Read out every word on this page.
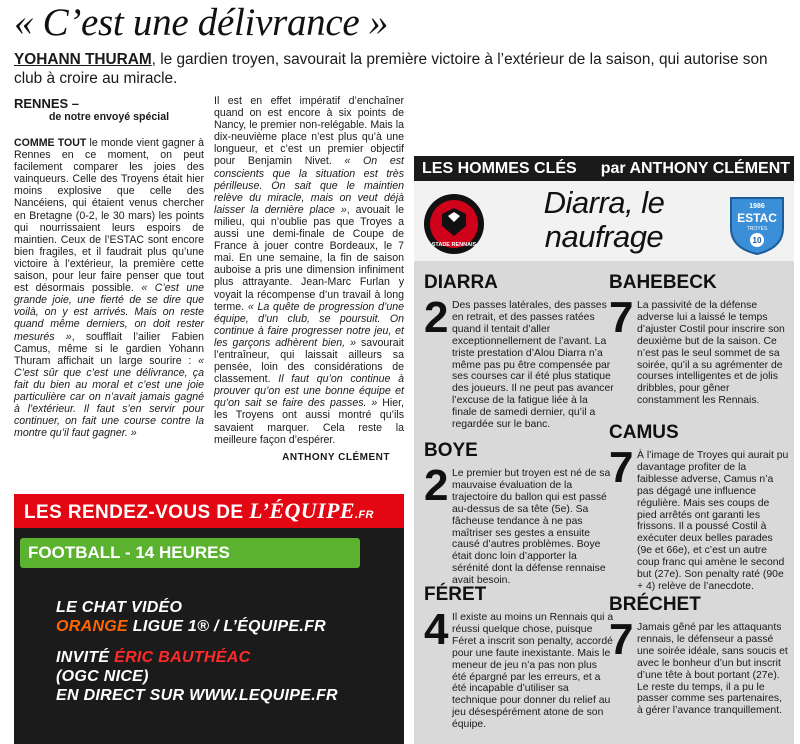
« C’est une délivrance »
YOHANN THURAM, le gardien troyen, savourait la première victoire à l’extérieur de la saison, qui autorise son club à croire au miracle.
RENNES –
de notre envoyé spécial

COMME TOUT le monde vient gagner à Rennes en ce moment, on peut facilement comparer les joies des vainqueurs. Celle des Troyens était hier moins explosive que celle des Nancéiens, qui étaient venus chercher en Bretagne (0-2, le 30 mars) les points qui nourrissaient leurs espoirs de maintien. Ceux de l’ESTAC sont encore bien fragiles, et il faudrait plus qu’une victoire à l’extérieur, la première cette saison, pour leur faire penser que tout est désormais possible. « C’est une grande joie, une fierté de se dire que voilà, on y est arrivés. Mais on reste quand même derniers, on doit rester mesurés », soufflait l’ailier Fabien Camus, même si le gardien Yohann Thuram affichait un large sourire : « C’est sûr que c’est une délivrance, ça fait du bien au moral et c’est une joie particulière car on n’avait jamais gagné à l’extérieur. Il faut s’en servir pour continuer, on fait une course contre la montre qu’il faut gagner. »

Il est en effet impératif d’enchaîner quand on est encore à six points de Nancy, le premier non-relégable. Mais la dix-neuvième place n’est plus qu’à une longueur, et c’est un premier objectif pour Benjamin Nivet. « On est conscients que la situation est très périlleuse. On sait que le maintien relève du miracle, mais on veut déjà laisser la dernière place », avouait le milieu, qui n’oublie pas que Troyes a aussi une demi-finale de Coupe de France à jouer contre Bordeaux, le 7 mai. En une semaine, la fin de saison auboise a pris une dimension infiniment plus attrayante. Jean-Marc Furlan y voyait la récompense d’un travail à long terme. « La quête de progression d’une équipe, d’un club, se poursuit. On continue à faire progresser notre jeu, et les garçons adhèrent bien, » savourait l’entraîneur, qui laissait ailleurs sa pensée, loin des considérations de classement. Il faut qu’on continue à prouver qu’on est une bonne équipe et qu’on sait se faire des passes. » Hier, les Troyens ont aussi montré qu’ils savaient marquer. Cela reste la meilleure façon d’espérer.

ANTHONY CLÉMENT
LES HOMMES CLÉS par ANTHONY CLÉMENT
STADE RENNAIS
1986
ESTAC
TROYES
10
Diarra, le naufrage
DIARRA
2 Des passes latérales, des passes en retrait, et des passes ratées quand il tentait d’aller exceptionnellement de l’avant. La triste prestation d’Alou Diarra n’a même pas pu être compensée par ses courses car il été plus statique des joueurs. Il ne peut pas avancer l’excuse de la fatigue liée à la finale de samedi dernier, qu’il a regardée sur le banc.
BOYE
2 Le premier but troyen est né de sa mauvaise évaluation de la trajectoire du ballon qui est passé au-dessus de sa tête (5e). Sa fâcheuse tendance à ne pas maîtriser ses gestes a ensuite causé d’autres problèmes. Boye était donc loin d’apporter la sérénité dont la défense rennaise avait besoin.
FÉRET
4 Il existe au moins un Rennais qui a réussi quelque chose, puisque Féret a inscrit son penalty, accordé pour une faute inexistante. Mais le meneur de jeu n’a pas non plus été épargné par les erreurs, et a été incapable d’utiliser sa technique pour donner du relief au jeu désespérément atone de son équipe.
BAHEBECK
7 La passivité de la défense adverse lui a laissé le temps d’ajuster Costil pour inscrire son deuxième but de la saison. Ce n’est pas le seul sommet de sa soirée, qu’il a su agrémenter de courses intelligentes et de jolis dribbles, pour gêner constamment les Rennais.
CAMUS
7 À l’image de Troyes qui aurait pu davantage profiter de la faiblesse adverse, Camus n’a pas dégagé une influence régulière. Mais ses coups de pied arrêtés ont garanti les frissons. Il a poussé Costil à exécuter deux belles parades (9e et 66e), et c’est un autre coup franc qui amène le second but (27e). Son penalty raté (90e + 4) relève de l’anecdote.
BRÉCHET
7 Jamais gêné par les attaquants rennais, le défenseur a passé une soirée idéale, sans soucis et avec le bonheur d’un but inscrit d’une tête à bout portant (27e). Le reste du temps, il a pu le passer comme ses partenaires, à gérer l’avance tranquillement.
LES RENDEZ-VOUS DE L’ÉQUIPE.FR
FOOTBALL - 14 HEURES
LE CHAT VIDÉO
ORANGE LIGUE 1® / L’ÉQUIPE.FR
INVITÉ ÉRIC BAUTHÉAC
(OGC NICE)
EN DIRECT SUR WWW.LEQUIPE.FR
